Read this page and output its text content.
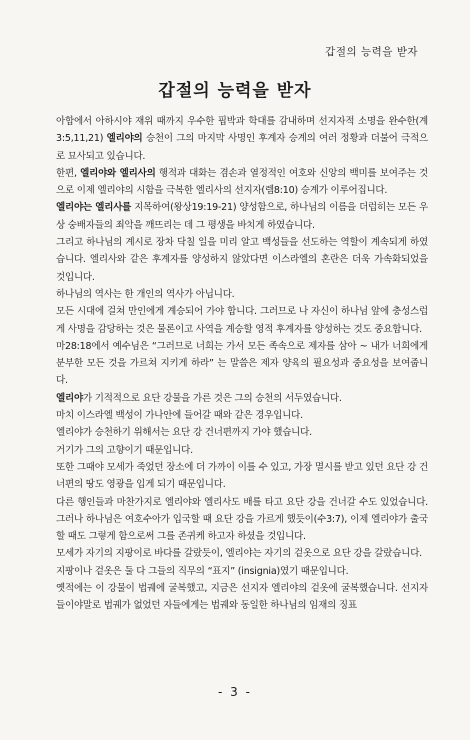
갑절의 능력을 받자
갑절의 능력을 받자

아합에서 아하시야 재위 때까지 우수한 핍박과 학대를 감내하며 선지자적 소명을 완수한(계3:5,11,21) 엘리야의 승천이 그의 마지막 사명인 후계자 승계의 여러 정황과 더불어 극적으로 묘사되고 있습니다.

한편, 엘리야와 엘리사의 행적과 대화는 겸손과 열정적인 여호와 신앙의 백미를 보여주는 것으로 이제 엘리야의 시함을 극복한 엘리사의 선지자(렘8:10) 승계가 이루어집니다.

엘리야는 엘리사를 지목하여(왕상19:19-21) 양성함으로, 하나님의 이름을 더럽히는 모든 우상 숭배자들의 죄악을 깨뜨리는 데 그 평생을 바치게 하였습니다.

그리고 하나님의 계시로 장차 닥칠 일을 미리 알고 백성들을 선도하는 역할이 계속되게 하였습니다. 엘리사와 같은 후계자를 양성하지 않았다면 이스라엘의 혼란은 더욱 가속화되었을 것입니다.

하나님의 역사는 한 개인의 역사가 아닙니다.

모든 시대에 걸쳐 만인에게 계승되어 가야 합니다. 그러므로 나 자신이 하나님 앞에 충성스럽게 사명을 감당하는 것은 물론이고 사역을 계승할 영적 후계자를 양성하는 것도 중요합니다.

마28:18에서 예수님은 “그러므로 너희는 가서 모든 족속으로 제자를 삼아 ~ 내가 너희에게 분부한 모든 것을 가르쳐 지키게 하라” 는 말씀은 제자 양육의 필요성과 중요성을 보여줍니다.

엘리야가 기적적으로 요단 강물을 가른 것은 그의 승천의 서두였습니다.

마치 이스라엘 백성이 가나안에 들어갈 때와 같은 경우입니다.

엘리야가 승천하기 위해서는 요단 강 건너편까지 가야 했습니다.

거기가 그의 고향이기 때문입니다.

또한 그때야 모세가 죽었던 장소에 더 가까이 이를 수 있고, 가장 멸시를 받고 있던 요단 강 건너편의 땅도 영광을 입게 되기 때문입니다.

다른 행인들과 마찬가지로 엘리야와 엘리사도 배를 타고 요단 강을 건너갈 수도 있었습니다. 그러나 하나님은 여호수아가 입국할 때 요단 강을 가르게 했듯이(수3:7), 이제 엘리야가 출국할 때도 그렇게 함으로써 그를 존귀케 하고자 하셨을 것입니다.

모세가 자기의 지팡이로 바다를 갈랐듯이, 엘리야는 자기의 겉옷으로 요단 강을 갈랐습니다.

지팡이나 겉옷은 둘 다 그들의 직무의 “표지” (insignia)였기 때문입니다.

옛적에는 이 강물이 법궤에 굴복했고, 지금은 선지자 엘리야의 겉옷에 굴복했습니다. 선지자들이야말로 법궤가 없었던 자들에게는 법궤와 동일한 하나님의 임재의 징표

- 3 -
